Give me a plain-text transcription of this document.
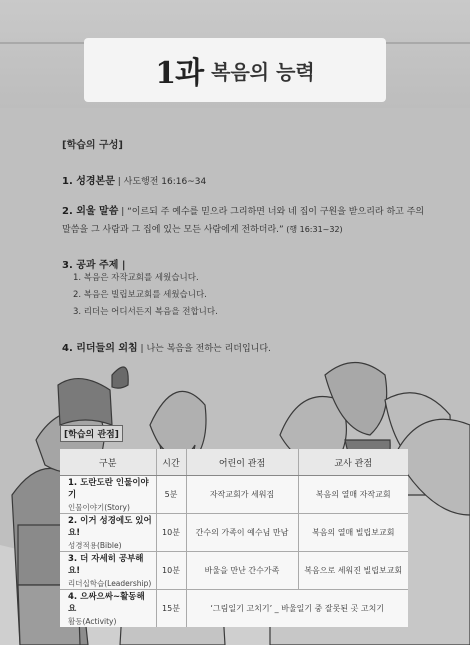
1과 복음의 능력
[학습의 구성]
1. 성경본문 | 사도행전 16:16~34
2. 외울 말씀 | “이르되 주 예수를 믿으라 그리하면 너와 네 집이 구원을 받으리라 하고 주의 말씀을 그 사람과 그 집에 있는 모든 사람에게 전하더라.” (행 16:31~32)
3. 공과 주제 |
1. 복음은 자작교회를 세웠습니다.
2. 복음은 빌립보교회를 세웠습니다.
3. 리더는 어디서든지 복음을 전합니다.
4. 리더들의 외침 | 나는 복음을 전하는 리더입니다.
[학습의 관점]
구분	시간	어린이 관점	교사 관점

1. 도란도란 인물이야기
인물이야기(Story)	5분	자작교회가 세워짐	복음의 열매 자작교회

2. 이거 성경에도 있어요!
성경적용(Bible)	10분	간수의 가족이 예수님 만남	복음의 열매 빌립보교회

3. 더 자세히 공부해요!
리더십학습(Leadership)	10분	바울을 만난 간수가족	복음으로 세워진 빌립보교회

4. 으싸으싸~활동해요
활동(Activity)	15분	‘그림일기 고치기’ _ 바울일기 중 잘못된 곳 고치기	
